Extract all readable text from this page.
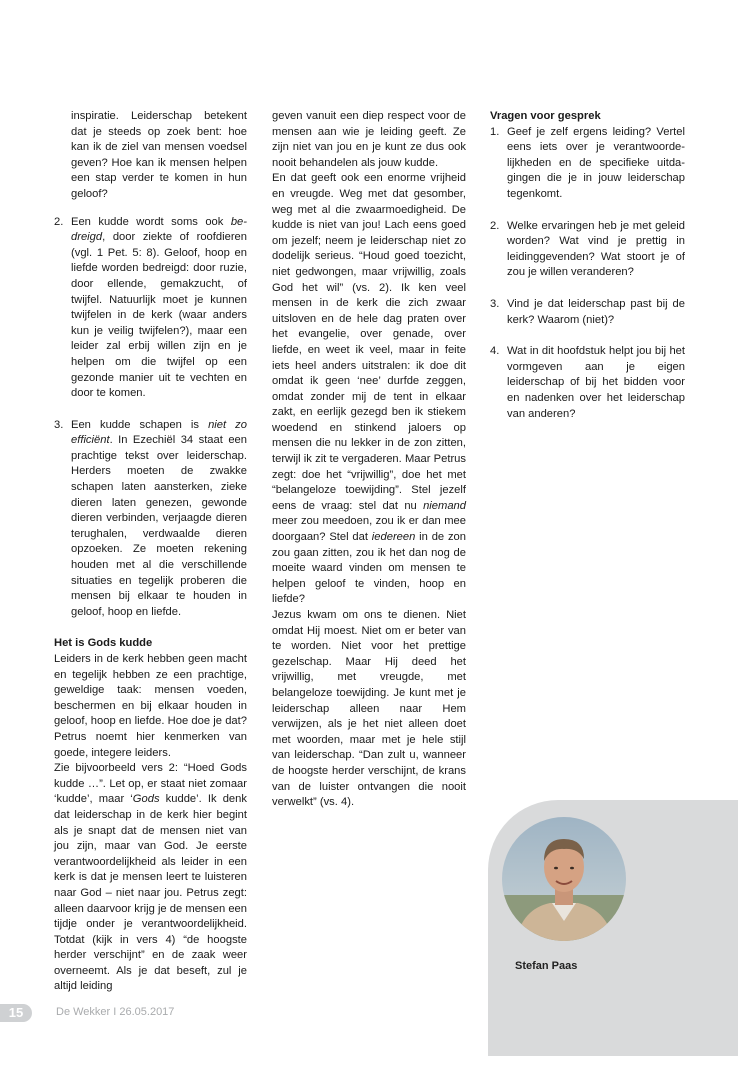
inspiratie. Leiderschap betekent dat je steeds op zoek bent: hoe kan ik de ziel van mensen voedsel geven? Hoe kan ik mensen helpen een stap verder te komen in hun geloof?

2. Een kudde wordt soms ook be-dreigd, door ziekte of roofdieren (vgl. 1 Pet. 5: 8). Geloof, hoop en liefde worden bedreigd: door ruzie, door ellende, gemakzucht, of twijfel. Natuurlijk moet je kunnen twijfelen in de kerk (waar anders kun je veilig twijfelen?), maar een leider zal erbij willen zijn en je helpen om die twijfel op een gezonde manier uit te vechten en door te komen.

3. Een kudde schapen is niet zo efficiënt. In Ezechiël 34 staat een prachtige tekst over leiderschap. Herders moeten de zwakke schapen laten aansterken, zieke dieren laten genezen, gewonde dieren verbinden, verjaagde dieren terughalen, verdwaalde dieren opzoeken. Ze moeten rekening houden met al die verschillende situaties en tegelijk proberen die mensen bij elkaar te houden in geloof, hoop en liefde.

Het is Gods kudde

Leiders in de kerk hebben geen macht en tegelijk hebben ze een prachtige, geweldige taak: mensen voeden, beschermen en bij elkaar houden in geloof, hoop en liefde. Hoe doe je dat? Petrus noemt hier kenmerken van goede, integere leiders.

Zie bijvoorbeeld vers 2: “Hoed Gods kudde …”. Let op, er staat niet zomaar ‘kudde’, maar ‘Gods kudde’. Ik denk dat leiderschap in de kerk hier begint als je snapt dat de mensen niet van jou zijn, maar van God. Je eerste verantwoordelijkheid als leider in een kerk is dat je mensen leert te luisteren naar God – niet naar jou. Petrus zegt: alleen daarvoor krijg je de mensen een tijdje onder je verantwoordelijkheid. Totdat (kijk in vers 4) “de hoogste herder verschijnt” en de zaak weer overneemt. Als je dat beseft, zul je altijd leiding

geven vanuit een diep respect voor de mensen aan wie je leiding geeft. Ze zijn niet van jou en je kunt ze dus ook nooit behandelen als jouw kudde.

En dat geeft ook een enorme vrijheid en vreugde. Weg met dat gesomber, weg met al die zwaarmoedigheid. De kudde is niet van jou! Lach eens goed om jezelf; neem je leiderschap niet zo dodelijk serieus. “Houd goed toezicht, niet gedwongen, maar vrijwillig, zoals God het wil” (vs. 2). Ik ken veel mensen in de kerk die zich zwaar uitsloven en de hele dag praten over het evangelie, over genade, over liefde, en weet ik veel, maar in feite iets heel anders uitstralen: ik doe dit omdat ik geen ‘nee’ durfde zeggen, omdat zonder mij de tent in elkaar zakt, en eerlijk gezegd ben ik stiekem woedend en stinkend jaloers op mensen die nu lekker in de zon zitten, terwijl ik zit te vergaderen. Maar Petrus zegt: doe het “vrijwillig”, doe het met “belangeloze toewijding”. Stel jezelf eens de vraag: stel dat nu niemand meer zou meedoen, zou ik er dan mee doorgaan? Stel dat iedereen in de zon zou gaan zitten, zou ik het dan nog de moeite waard vinden om mensen te helpen geloof te vinden, hoop en liefde?

Jezus kwam om ons te dienen. Niet omdat Hij moest. Niet om er beter van te worden. Niet voor het prettige gezelschap. Maar Hij deed het vrijwillig, met vreugde, met belangeloze toewijding. Je kunt met je leiderschap alleen naar Hem verwijzen, als je het niet alleen doet met woorden, maar met je hele stijl van leiderschap. “Dan zult u, wanneer de hoogste herder verschijnt, de krans van de luister ontvangen die nooit verwelkt” (vs. 4).

Vragen voor gesprek

1. Geef je zelf ergens leiding? Vertel eens iets over je verantwoorde-lijkheden en de specifieke uitda-gingen die je in jouw leiderschap tegenkomt.

2. Welke ervaringen heb je met geleid worden? Wat vind je prettig in leidinggevenden? Wat stoort je of zou je willen veranderen?

3. Vind je dat leiderschap past bij de kerk? Waarom (niet)?

4. Wat in dit hoofdstuk helpt jou bij het vormgeven aan je eigen leiderschap of bij het bidden voor en nadenken over het leiderschap van anderen?

Stefan Paas
15	De Wekker I 26.05.2017
